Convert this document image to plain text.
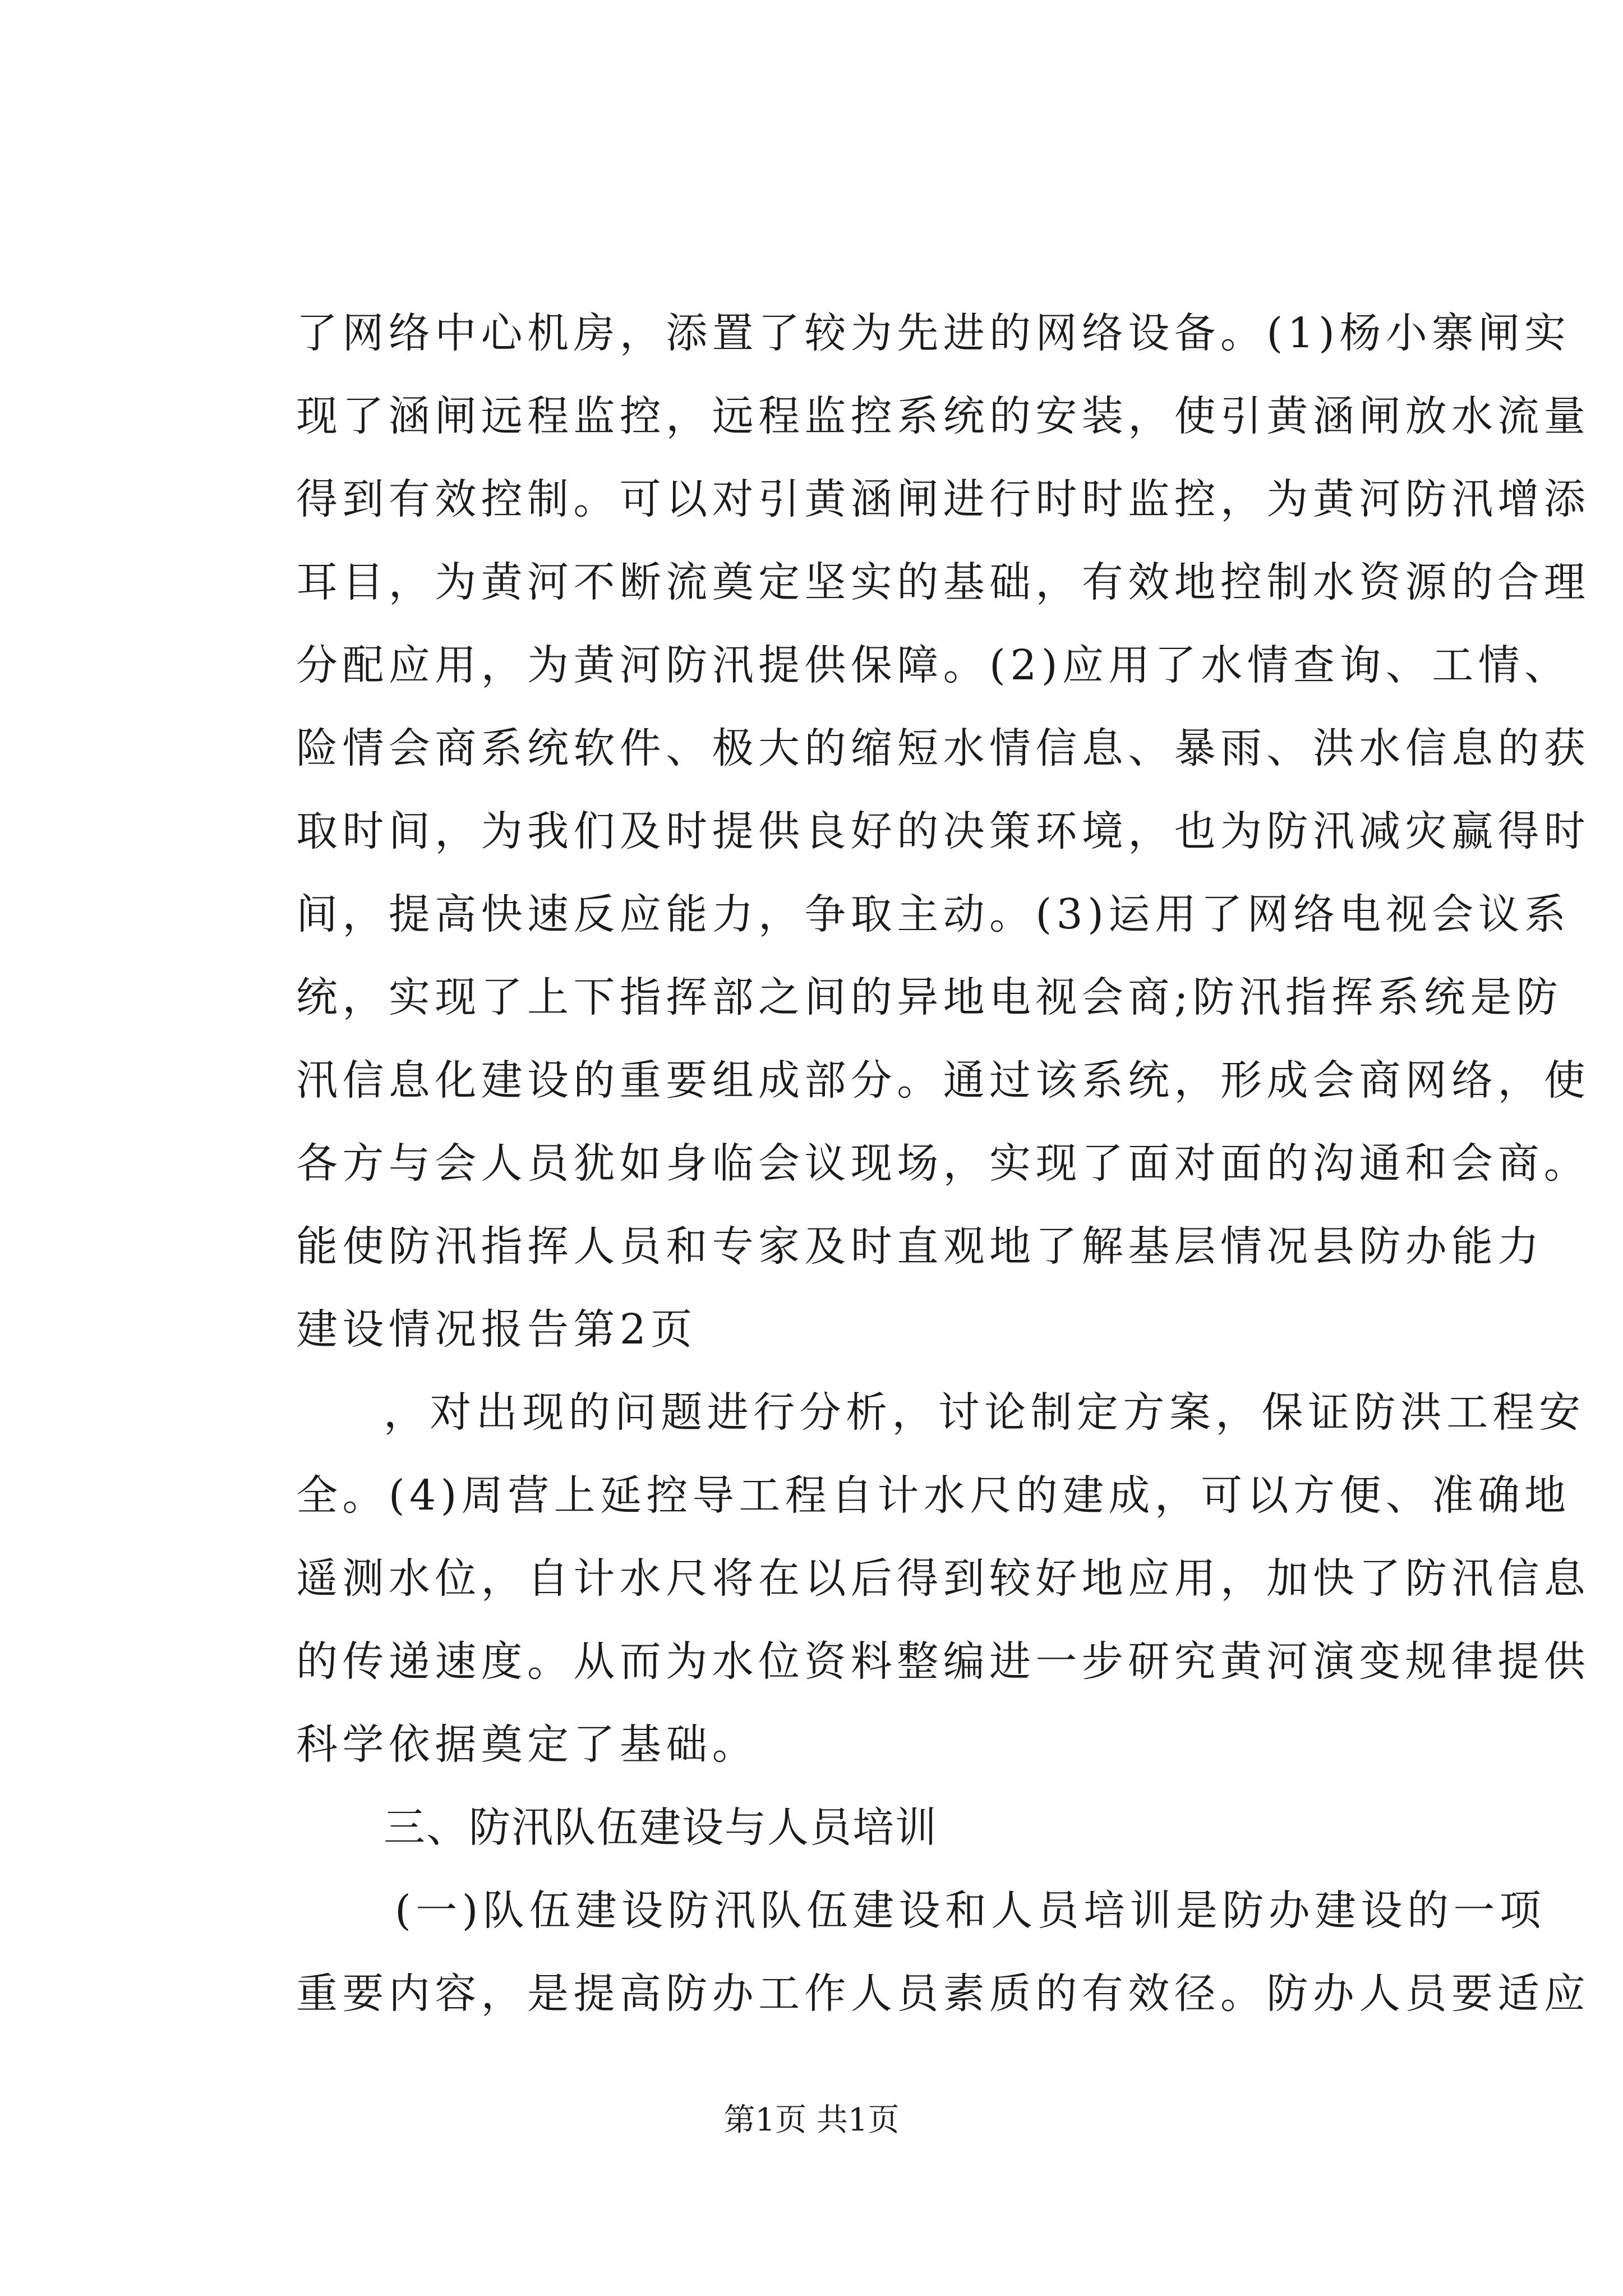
了网络中心机房，添置了较为先进的网络设备。(1)杨小寨闸实
现了涵闸远程监控，远程监控系统的安装，使引黄涵闸放水流量
得到有效控制。可以对引黄涵闸进行时时监控，为黄河防汛增添
耳目，为黄河不断流奠定坚实的基础，有效地控制水资源的合理
分配应用，为黄河防汛提供保障。(2)应用了水情查询、工情、
险情会商系统软件、极大的缩短水情信息、暴雨、洪水信息的获
取时间，为我们及时提供良好的决策环境，也为防汛减灾赢得时
间，提高快速反应能力，争取主动。(3)运用了网络电视会议系
统，实现了上下指挥部之间的异地电视会商;防汛指挥系统是防
汛信息化建设的重要组成部分。通过该系统，形成会商网络，使
各方与会人员犹如身临会议现场，实现了面对面的沟通和会商。
能使防汛指挥人员和专家及时直观地了解基层情况县防办能力
建设情况报告第2页
，对出现的问题进行分析，讨论制定方案，保证防洪工程安
全。(4)周营上延控导工程自计水尺的建成，可以方便、准确地
遥测水位，自计水尺将在以后得到较好地应用，加快了防汛信息
的传递速度。从而为水位资料整编进一步研究黄河演变规律提供
科学依据奠定了基础。
三、防汛队伍建设与人员培训
(一)队伍建设防汛队伍建设和人员培训是防办建设的一项
重要内容，是提高防办工作人员素质的有效径。防办人员要适应
第1页 共1页
